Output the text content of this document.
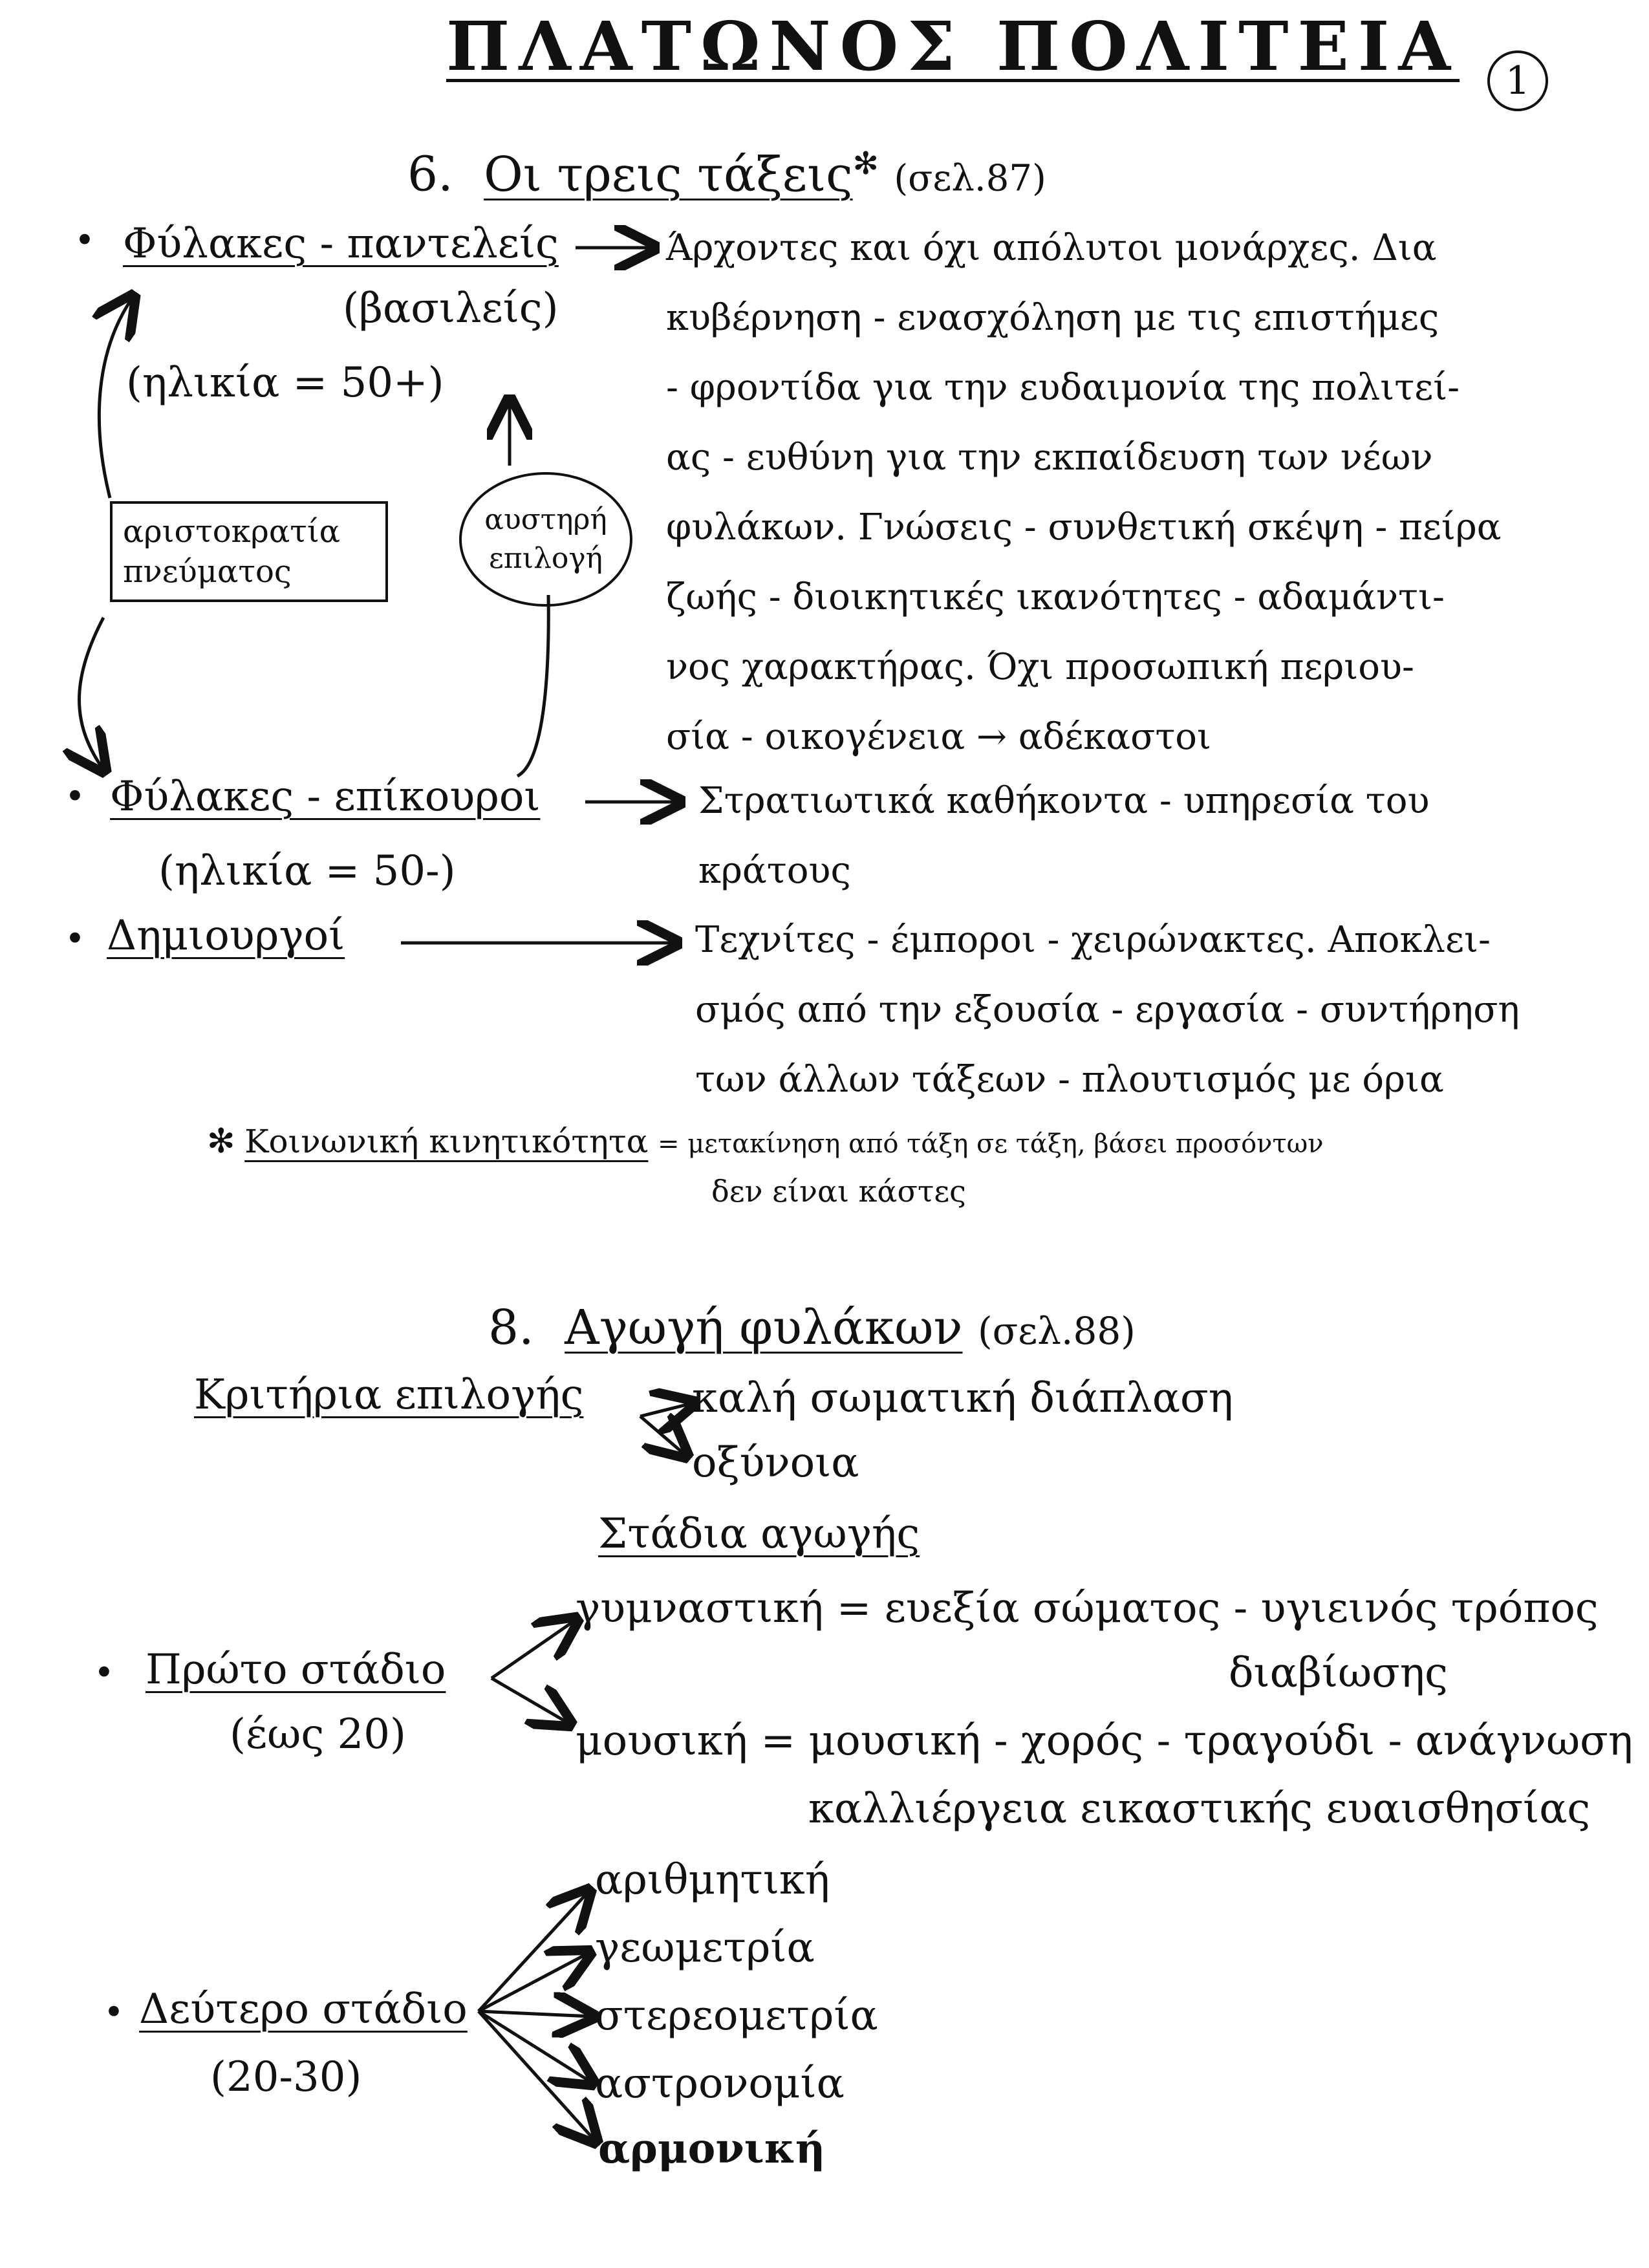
ΠΛΑΤΩΝΟΣ ΠΟΛΙΤΕΙΑ	1
6. Οι τρεις τάξεις✻ (σελ.87)
• Φύλακες - παντελείς
(βασιλείς)
(ηλικία = 50+)
Άρχοντες και όχι απόλυτοι μονάρχες. Δια
κυβέρνηση - ενασχόληση με τις επιστήμες
- φροντίδα για την ευδαιμονία της πολιτεί-
ας - ευθύνη για την εκπαίδευση των νέων
φυλάκων. Γνώσεις - συνθετική σκέψη - πείρα
ζωής - διοικητικές ικανότητες - αδαμάντι-
νος χαρακτήρας. Όχι προσωπική περιου-
σία - οικογένεια → αδέκαστοι
αριστοκρατία πνεύματος
αυστηρή επιλογή
• Φύλακες - επίκουροι
(ηλικία = 50-)
Στρατιωτικά καθήκοντα - υπηρεσία του
κράτους
• Δημιουργοί	Τεχνίτες - έμποροι - χειρώνακτες. Αποκλει-
σμός από την εξουσία - εργασία - συντήρηση
των άλλων τάξεων - πλουτισμός με όρια
✻ Κοινωνική κινητικότητα = μετακίνηση από τάξη σε τάξη, βάσει προσόντων
δεν είναι κάστες
8. Αγωγή φυλάκων (σελ.88)
Κριτήρια επιλογής	καλή σωματική διάπλαση
οξύνοια
Στάδια αγωγής
• Πρώτο στάδιο
(έως 20)
γυμναστική = ευεξία σώματος - υγιεινός τρόπος
διαβίωσης
μουσική = μουσική - χορός - τραγούδι - ανάγνωση
καλλιέργεια εικαστικής ευαισθησίας
• Δεύτερο στάδιο
(20-30)
αριθμητική
γεωμετρία
στερεομετρία
αστρονομία
αρμονική
